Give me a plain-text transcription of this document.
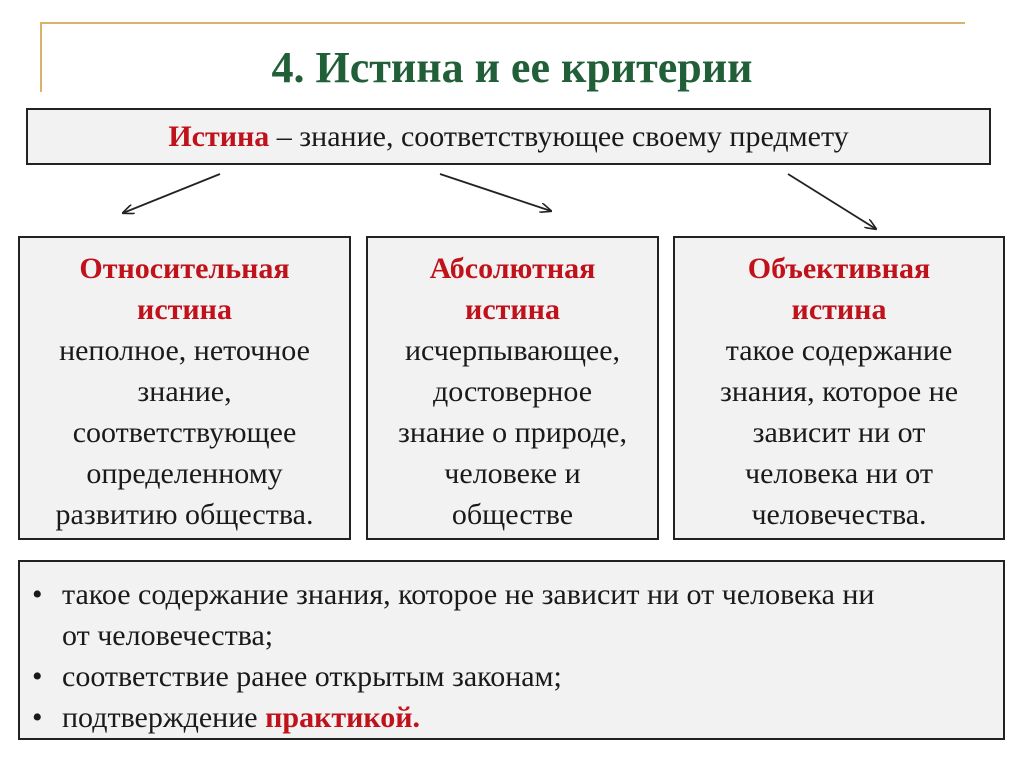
4. Истина и ее критерии
Истина – знание, соответствующее своему предмету
Относительная
истина
неполное, неточное
знание,
соответствующее
определенному
развитию общества.
Абсолютная
истина
исчерпывающее,
достоверное
знание о природе,
человеке и
обществе
Объективная
истина
такое содержание
знания, которое не
зависит ни от
человека ни от
человечества.
• такое содержание знания, которое не зависит ни от человека ни
от человечества;
• соответствие ранее открытым законам;
• подтверждение практикой.
